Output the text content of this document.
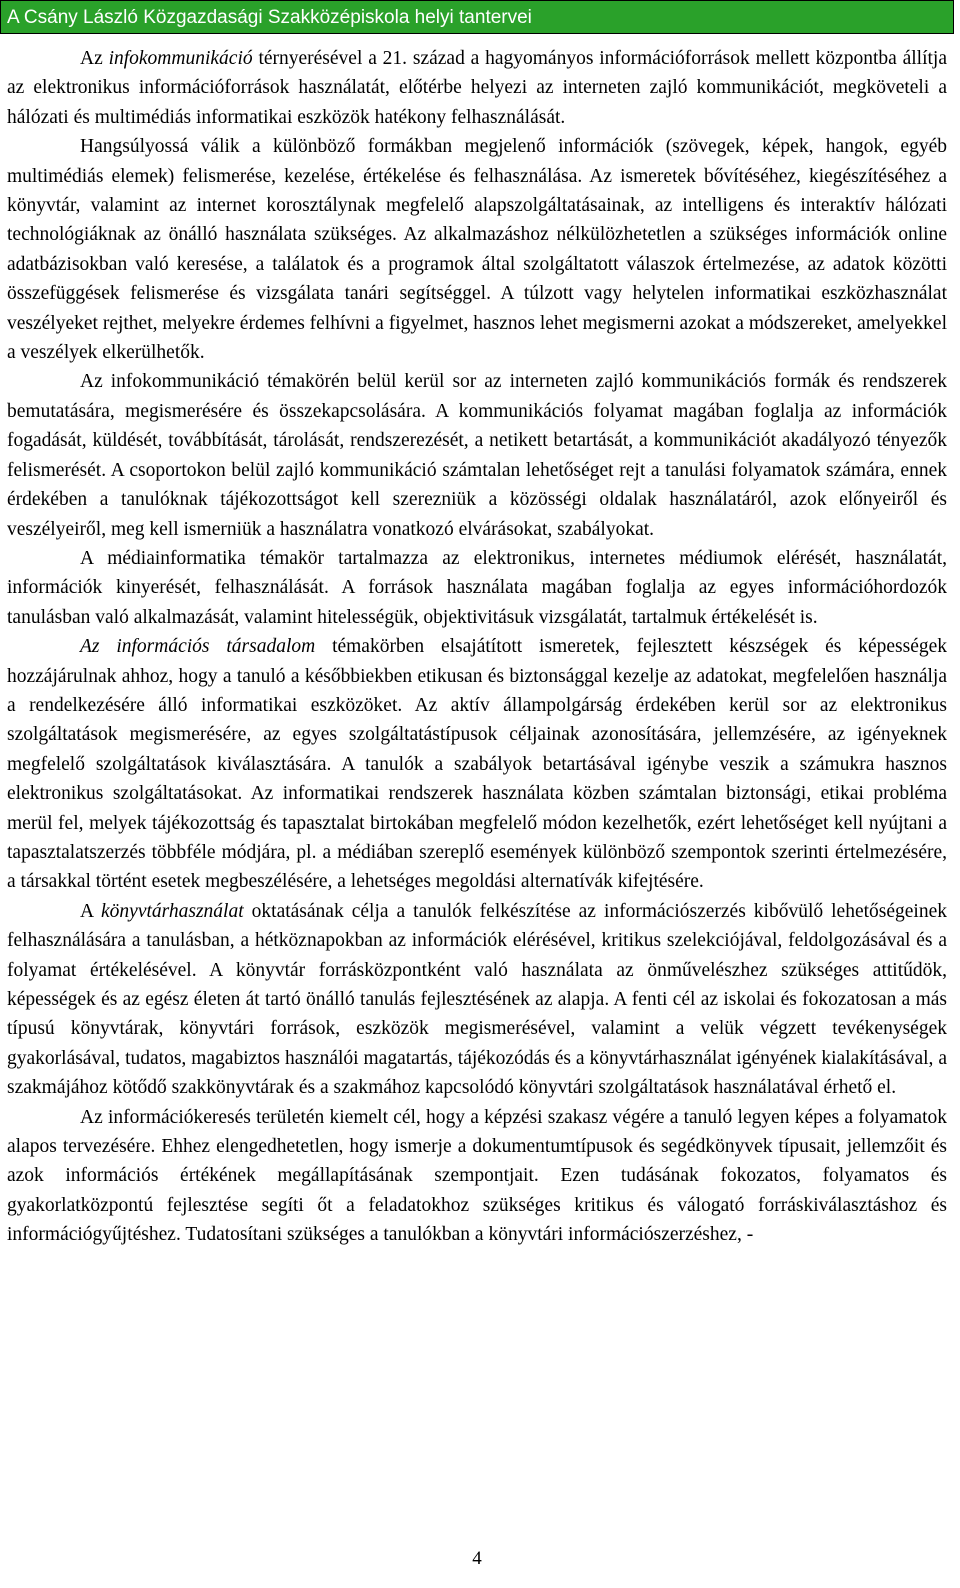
A Csány László Közgazdasági Szakközépiskola helyi tantervei

Az infokommunikáció térnyerésével a 21. század a hagyományos információforrások mellett központba állítja az elektronikus információforrások használatát, előtérbe helyezi az interneten zajló kommunikációt, megköveteli a hálózati és multimédiás informatikai eszközök hatékony felhasználását.

Hangsúlyossá válik a különböző formákban megjelenő információk (szövegek, képek, hangok, egyéb multimédiás elemek) felismerése, kezelése, értékelése és felhasználása. Az ismeretek bővítéséhez, kiegészítéséhez a könyvtár, valamint az internet korosztálynak megfelelő alapszolgáltatásainak, az intelligens és interaktív hálózati technológiáknak az önálló használata szükséges. Az alkalmazáshoz nélkülözhetetlen a szükséges információk online adatbázisokban való keresése, a találatok és a programok által szolgáltatott válaszok értelmezése, az adatok közötti összefüggések felismerése és vizsgálata tanári segítséggel. A túlzott vagy helytelen informatikai eszközhasználat veszélyeket rejthet, melyekre érdemes felhívni a figyelmet, hasznos lehet megismerni azokat a módszereket, amelyekkel a veszélyek elkerülhetők.

Az infokommunikáció témakörén belül kerül sor az interneten zajló kommunikációs formák és rendszerek bemutatására, megismerésére és összekapcsolására. A kommunikációs folyamat magában foglalja az információk fogadását, küldését, továbbítását, tárolását, rendszerezését, a netikett betartását, a kommunikációt akadályozó tényezők felismerését. A csoportokon belül zajló kommunikáció számtalan lehetőséget rejt a tanulási folyamatok számára, ennek érdekében a tanulóknak tájékozottságot kell szerezniük a közösségi oldalak használatáról, azok előnyeiről és veszélyeiről, meg kell ismerniük a használatra vonatkozó elvárásokat, szabályokat.

A médiainformatika témakör tartalmazza az elektronikus, internetes médiumok elérését, használatát, információk kinyerését, felhasználását. A források használata magában foglalja az egyes információhordozók tanulásban való alkalmazását, valamint hitelességük, objektivitásuk vizsgálatát, tartalmuk értékelését is.

Az információs társadalom témakörben elsajátított ismeretek, fejlesztett készségek és képességek hozzájárulnak ahhoz, hogy a tanuló a későbbiekben etikusan és biztonsággal kezelje az adatokat, megfelelően használja a rendelkezésére álló informatikai eszközöket. Az aktív állampolgárság érdekében kerül sor az elektronikus szolgáltatások megismerésére, az egyes szolgáltatástípusok céljainak azonosítására, jellemzésére, az igényeknek megfelelő szolgáltatások kiválasztására. A tanulók a szabályok betartásával igénybe veszik a számukra hasznos elektronikus szolgáltatásokat. Az informatikai rendszerek használata közben számtalan biztonsági, etikai probléma merül fel, melyek tájékozottság és tapasztalat birtokában megfelelő módon kezelhetők, ezért lehetőséget kell nyújtani a tapasztalatszerzés többféle módjára, pl. a médiában szereplő események különböző szempontok szerinti értelmezésére, a társakkal történt esetek megbeszélésére, a lehetséges megoldási alternatívák kifejtésére.

A könyvtárhasználat oktatásának célja a tanulók felkészítése az információszerzés kibővülő lehetőségeinek felhasználására a tanulásban, a hétköznapokban az információk elérésével, kritikus szelekciójával, feldolgozásával és a folyamat értékelésével. A könyvtár forrásközpontként való használata az önművelészhez szükséges attitűdök, képességek és az egész életen át tartó önálló tanulás fejlesztésének az alapja. A fenti cél az iskolai és fokozatosan a más típusú könyvtárak, könyvtári források, eszközök megismerésével, valamint a velük végzett tevékenységek gyakorlásával, tudatos, magabiztos használói magatartás, tájékozódás és a könyvtárhasználat igényének kialakításával, a szakmájához kötődő szakkönyvtárak és a szakmához kapcsolódó könyvtári szolgáltatások használatával érhető el.

Az információkeresés területén kiemelt cél, hogy a képzési szakasz végére a tanuló legyen képes a folyamatok alapos tervezésére. Ehhez elengedhetetlen, hogy ismerje a dokumentumtípusok és segédkönyvek típusait, jellemzőit és azok információs értékének megállapításának szempontjait. Ezen tudásának fokozatos, folyamatos és gyakorlatközpontú fejlesztése segíti őt a feladatokhoz szükséges kritikus és válogató forráskiválasztáshoz és információgyűjtéshez. Tudatosítani szükséges a tanulókban a könyvtári információszerzéshez, -

4
